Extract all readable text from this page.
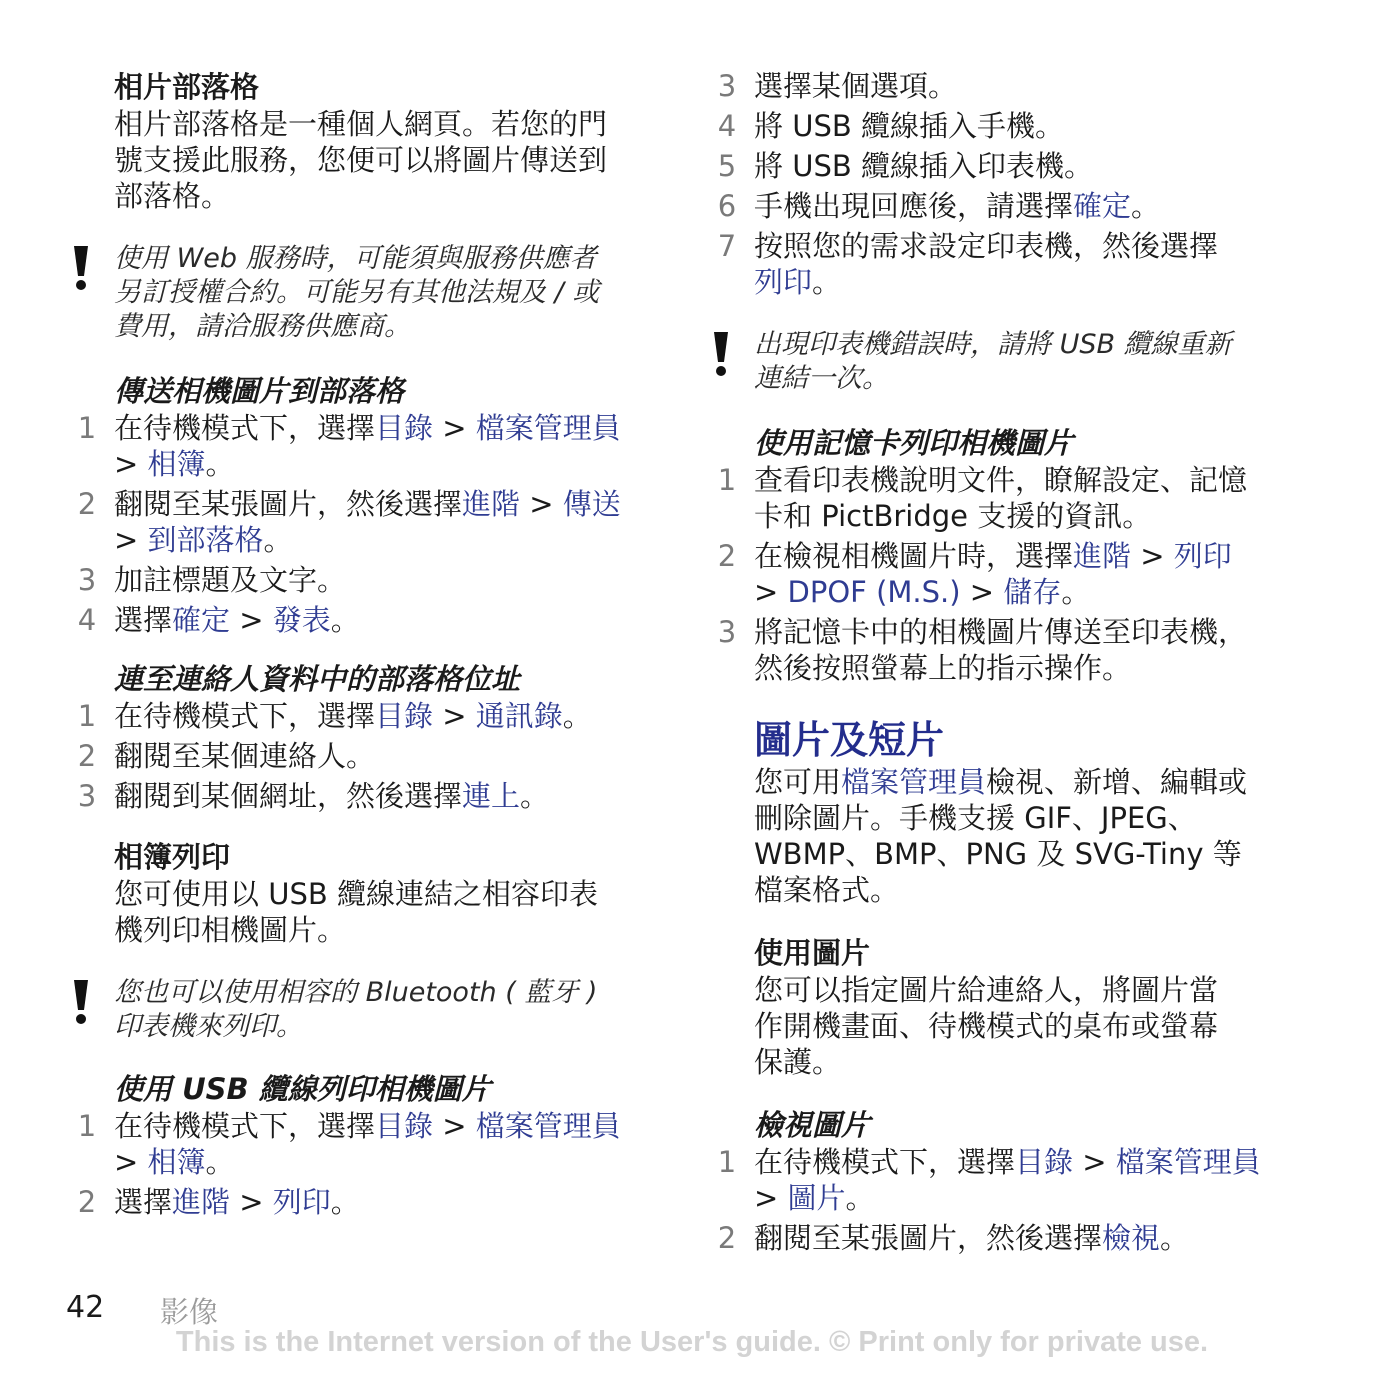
相片部落格
相片部落格是一種個人網頁。若您的門
號支援此服務，您便可以將圖片傳送到
部落格。
使用 Web 服務時，可能須與服務供應者
另訂授權合約。可能另有其他法規及 / 或
費用，請洽服務供應商。
傳送相機圖片到部落格
1 在待機模式下，選擇目錄 > 檔案管理員
> 相簿。
2 翻閱至某張圖片，然後選擇進階 > 傳送
> 到部落格。
3 加註標題及文字。
4 選擇確定 > 發表。
連至連絡人資料中的部落格位址
1 在待機模式下，選擇目錄 > 通訊錄。
2 翻閱至某個連絡人。
3 翻閱到某個網址，然後選擇連上。
相簿列印
您可使用以 USB 纜線連結之相容印表
機列印相機圖片。
您也可以使用相容的 Bluetooth ( 藍牙 )
印表機來列印。
使用 USB 纜線列印相機圖片
1 在待機模式下，選擇目錄 > 檔案管理員
> 相簿。
2 選擇進階 > 列印。
3 選擇某個選項。
4 將 USB 纜線插入手機。
5 將 USB 纜線插入印表機。
6 手機出現回應後，請選擇確定。
7 按照您的需求設定印表機，然後選擇
列印。
出現印表機錯誤時，請將 USB 纜線重新
連結一次。
使用記憶卡列印相機圖片
1 查看印表機說明文件，瞭解設定、記憶
卡和 PictBridge 支援的資訊。
2 在檢視相機圖片時，選擇進階 > 列印
> DPOF (M.S.) > 儲存。
3 將記憶卡中的相機圖片傳送至印表機，
然後按照螢幕上的指示操作。
圖片及短片
您可用檔案管理員檢視、新增、編輯或
刪除圖片。手機支援 GIF、JPEG、
WBMP、BMP、PNG 及 SVG-Tiny 等
檔案格式。
使用圖片
您可以指定圖片給連絡人，將圖片當
作開機畫面、待機模式的桌布或螢幕
保護。
檢視圖片
1 在待機模式下，選擇目錄 > 檔案管理員
> 圖片。
2 翻閱至某張圖片，然後選擇檢視。
42 影像
This is the Internet version of the User's guide. © Print only for private use.
